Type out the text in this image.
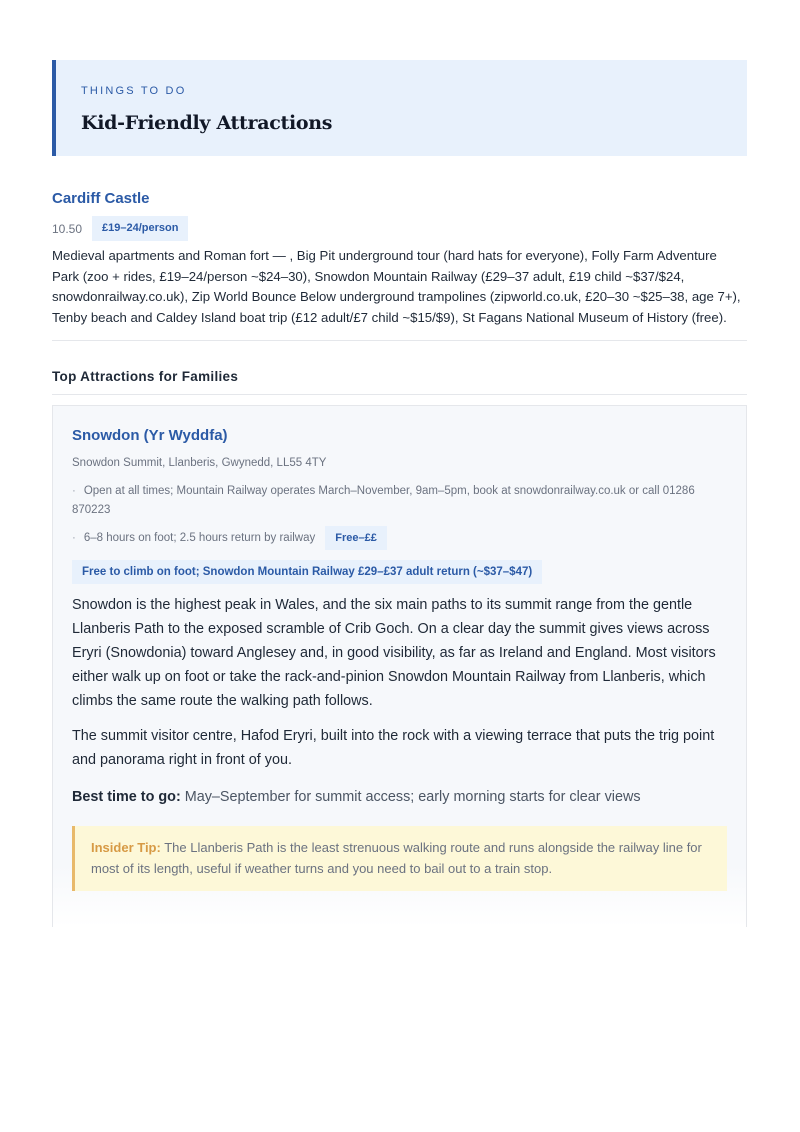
THINGS TO DO
Kid-Friendly Attractions
Cardiff Castle
10.50	£19–24/person
Medieval apartments and Roman fort — , Big Pit underground tour (hard hats for everyone), Folly Farm Adventure Park (zoo + rides, £19–24/person ~$24–30), Snowdon Mountain Railway (£29–37 adult, £19 child ~$37/$24, snowdonrailway.co.uk), Zip World Bounce Below underground trampolines (zipworld.co.uk, £20–30 ~$25–38, age 7+), Tenby beach and Caldey Island boat trip (£12 adult/£7 child ~$15/$9), St Fagans National Museum of History (free).
Top Attractions for Families
Snowdon (Yr Wyddfa)
Snowdon Summit, Llanberis, Gwynedd, LL55 4TY
· Open at all times; Mountain Railway operates March–November, 9am–5pm, book at snowdonrailway.co.uk or call 01286 870223
· 6–8 hours on foot; 2.5 hours return by railway	Free–££
Free to climb on foot; Snowdon Mountain Railway £29–£37 adult return (~$37–$47)
Snowdon is the highest peak in Wales, and the six main paths to its summit range from the gentle Llanberis Path to the exposed scramble of Crib Goch. On a clear day the summit gives views across Eryri (Snowdonia) toward Anglesey and, in good visibility, as far as Ireland and England. Most visitors either walk up on foot or take the rack-and-pinion Snowdon Mountain Railway from Llanberis, which climbs the same route the walking path follows.
The summit visitor centre, Hafod Eryri, built into the rock with a viewing terrace that puts the trig point and panorama right in front of you.
Best time to go: May–September for summit access; early morning starts for clear views
Insider Tip: The Llanberis Path is the least strenuous walking route and runs alongside the railway line for most of its length, useful if weather turns and you need to bail out to a train stop.
